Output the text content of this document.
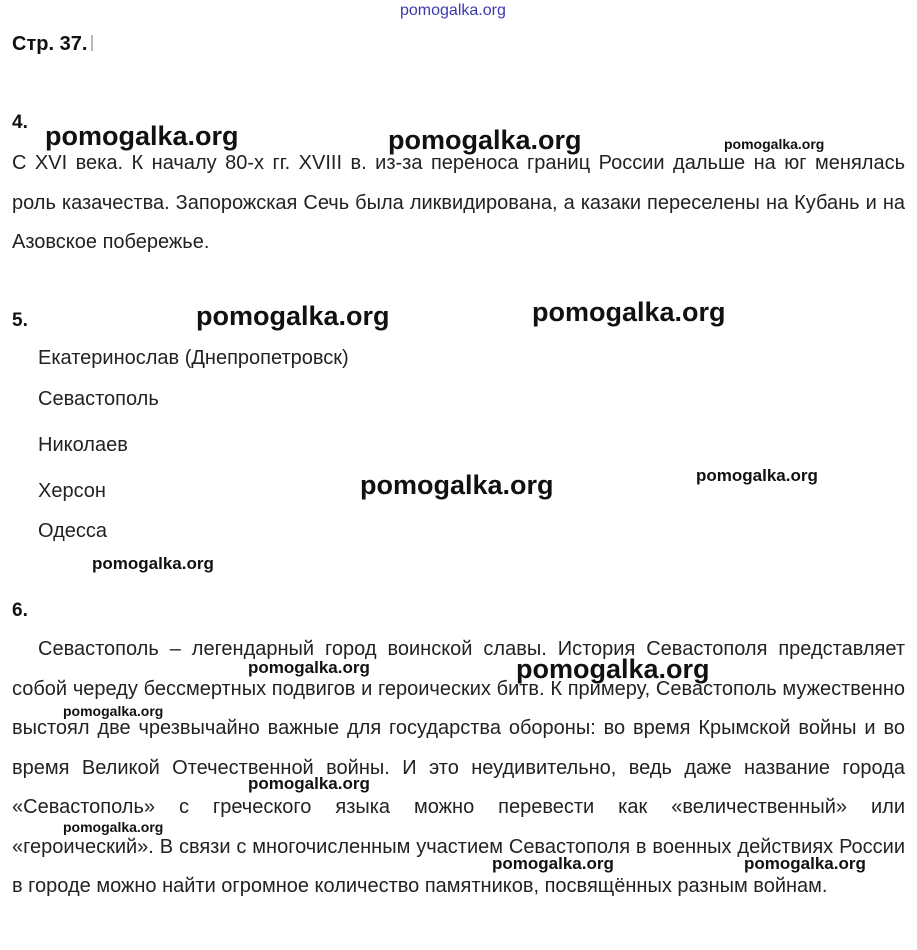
pomogalka.org
Стр. 37.
4.
С XVI века. К началу 80-х гг. XVIII в. из-за переноса границ России дальше на юг менялась роль казачества. Запорожская Сечь была ликвидирована, а казаки переселены на Кубань и на Азовское побережье.
5.
Екатеринослав (Днепропетровск)
Севастополь
Николаев
Херсон
Одесса
6.
Севастополь – легендарный город воинской славы. История Севастополя представляет собой череду бессмертных подвигов и героических битв. К примеру, Севастополь мужественно выстоял две чрезвычайно важные для государства обороны: во время Крымской войны и во время Великой Отечественной войны. И это неудивительно, ведь даже название города «Севастополь» с греческого языка можно перевести как «величественный» или «героический». В связи с многочисленным участием Севастополя в военных действиях России в городе можно найти огромное количество памятников, посвящённых разным войнам.
pomogalka.org	pomogalka.org	pomogalka.org
pomogalka.org	pomogalka.org
pomogalka.org	pomogalka.org
pomogalka.org
pomogalka.org	pomogalka.org
pomogalka.org
pomogalka.org
pomogalka.org
pomogalka.org	pomogalka.org
